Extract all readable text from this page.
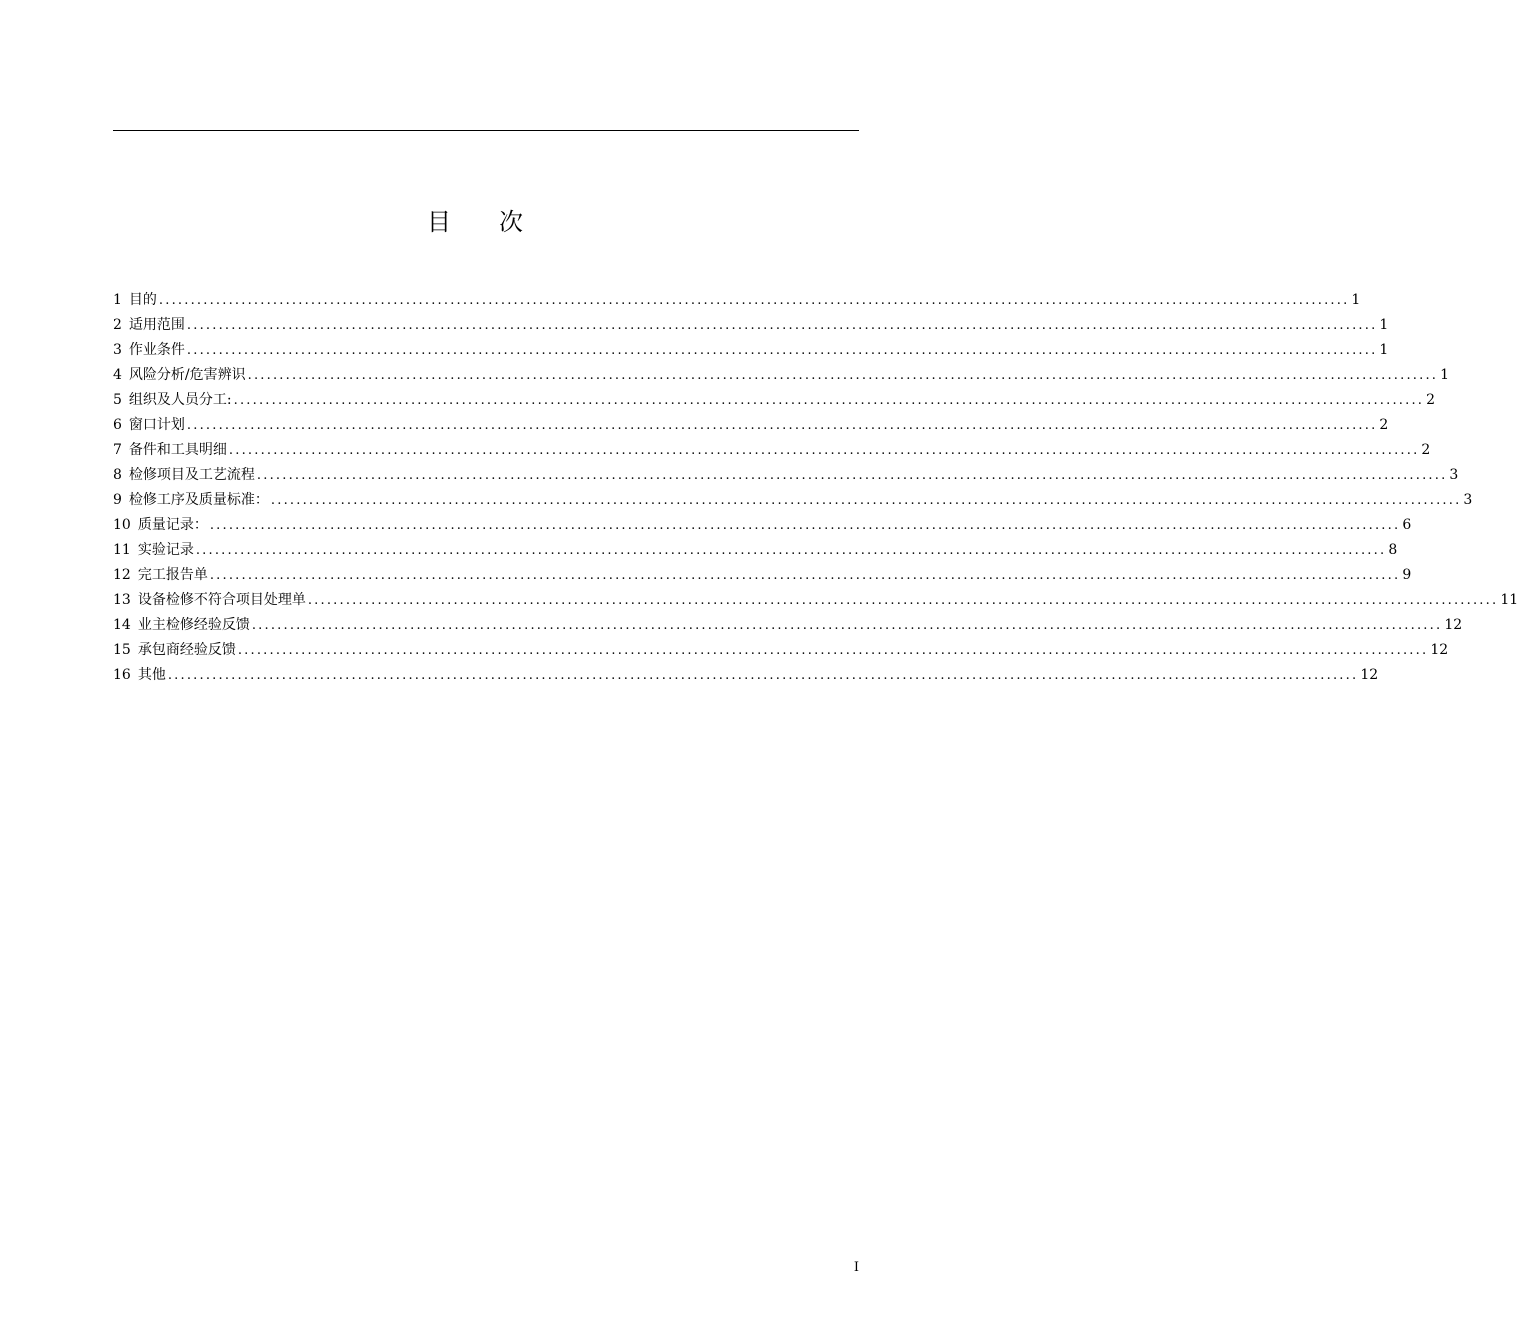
目 次
1 目的 ............................................................................................................................................................................................ 1
2 适用范围 ............................................................................................................................................................................................ 1
3 作业条件 ............................................................................................................................................................................................ 1
4 风险分析/危害辨识 ............................................................................................................................................................................................ 1
5 组织及人员分工: ............................................................................................................................................................................................ 2
6 窗口计划 ............................................................................................................................................................................................ 2
7 备件和工具明细 ............................................................................................................................................................................................ 2
8 检修项目及工艺流程 ............................................................................................................................................................................................ 3
9 检修工序及质量标准： ............................................................................................................................................................................................ 3
10 质量记录： ............................................................................................................................................................................................ 6
11 实验记录 ............................................................................................................................................................................................ 8
12 完工报告单 ............................................................................................................................................................................................ 9
13 设备检修不符合项目处理单 ............................................................................................................................................................................................ 11
14 业主检修经验反馈 ............................................................................................................................................................................................ 12
15 承包商经验反馈 ............................................................................................................................................................................................ 12
16 其他 ............................................................................................................................................................................................ 12
I
